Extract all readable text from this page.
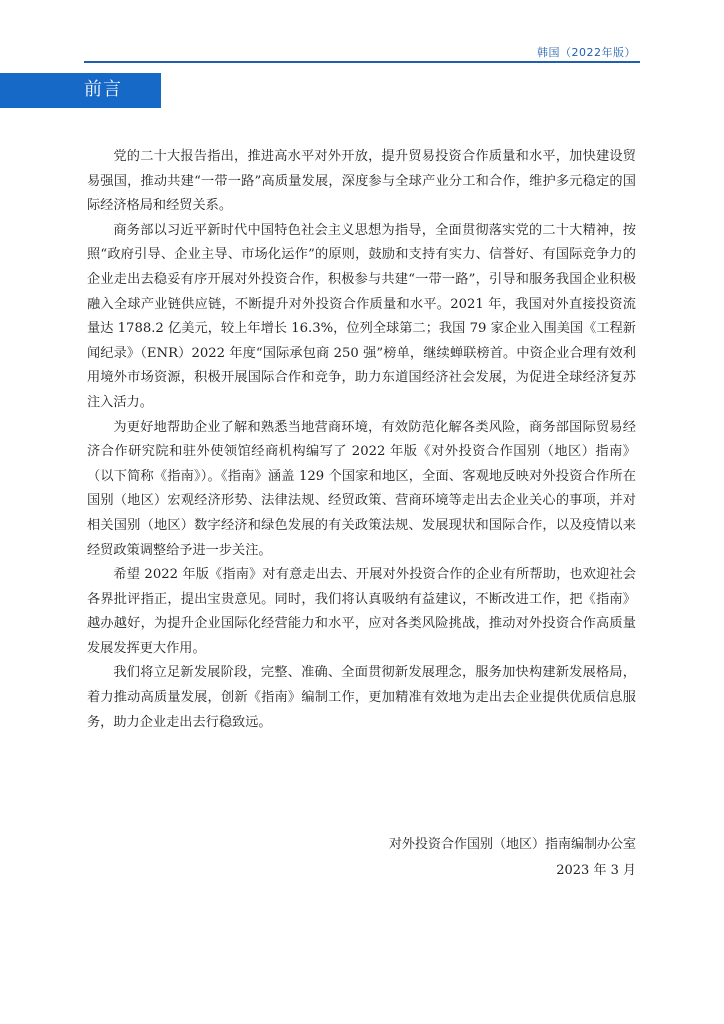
韩国（2022年版）
前言

党的二十大报告指出，推进高水平对外开放，提升贸易投资合作质量和水平，加快建设贸易强国，推动共建“一带一路”高质量发展，深度参与全球产业分工和合作，维护多元稳定的国际经济格局和经贸关系。

商务部以习近平新时代中国特色社会主义思想为指导，全面贯彻落实党的二十大精神，按照“政府引导、企业主导、市场化运作”的原则，鼓励和支持有实力、信誉好、有国际竞争力的企业走出去稳妥有序开展对外投资合作，积极参与共建“一带一路”，引导和服务我国企业积极融入全球产业链供应链，不断提升对外投资合作质量和水平。2021 年，我国对外直接投资流量达 1788.2 亿美元，较上年增长 16.3%，位列全球第二；我国 79 家企业入围美国《工程新闻纪录》（ENR）2022 年度“国际承包商 250 强”榜单，继续蝉联榜首。中资企业合理有效利用境外市场资源，积极开展国际合作和竞争，助力东道国经济社会发展，为促进全球经济复苏注入活力。

为更好地帮助企业了解和熟悉当地营商环境，有效防范化解各类风险，商务部国际贸易经济合作研究院和驻外使领馆经商机构编写了 2022 年版《对外投资合作国别（地区）指南》（以下简称《指南》）。《指南》涵盖 129 个国家和地区，全面、客观地反映对外投资合作所在国别（地区）宏观经济形势、法律法规、经贸政策、营商环境等走出去企业关心的事项，并对相关国别（地区）数字经济和绿色发展的有关政策法规、发展现状和国际合作，以及疫情以来经贸政策调整给予进一步关注。

希望 2022 年版《指南》对有意走出去、开展对外投资合作的企业有所帮助，也欢迎社会各界批评指正，提出宝贵意见。同时，我们将认真吸纳有益建议，不断改进工作，把《指南》越办越好，为提升企业国际化经营能力和水平，应对各类风险挑战，推动对外投资合作高质量发展发挥更大作用。

我们将立足新发展阶段，完整、准确、全面贯彻新发展理念，服务加快构建新发展格局，着力推动高质量发展，创新《指南》编制工作，更加精准有效地为走出去企业提供优质信息服务，助力企业走出去行稳致远。

对外投资合作国别（地区）指南编制办公室
2023 年 3 月
